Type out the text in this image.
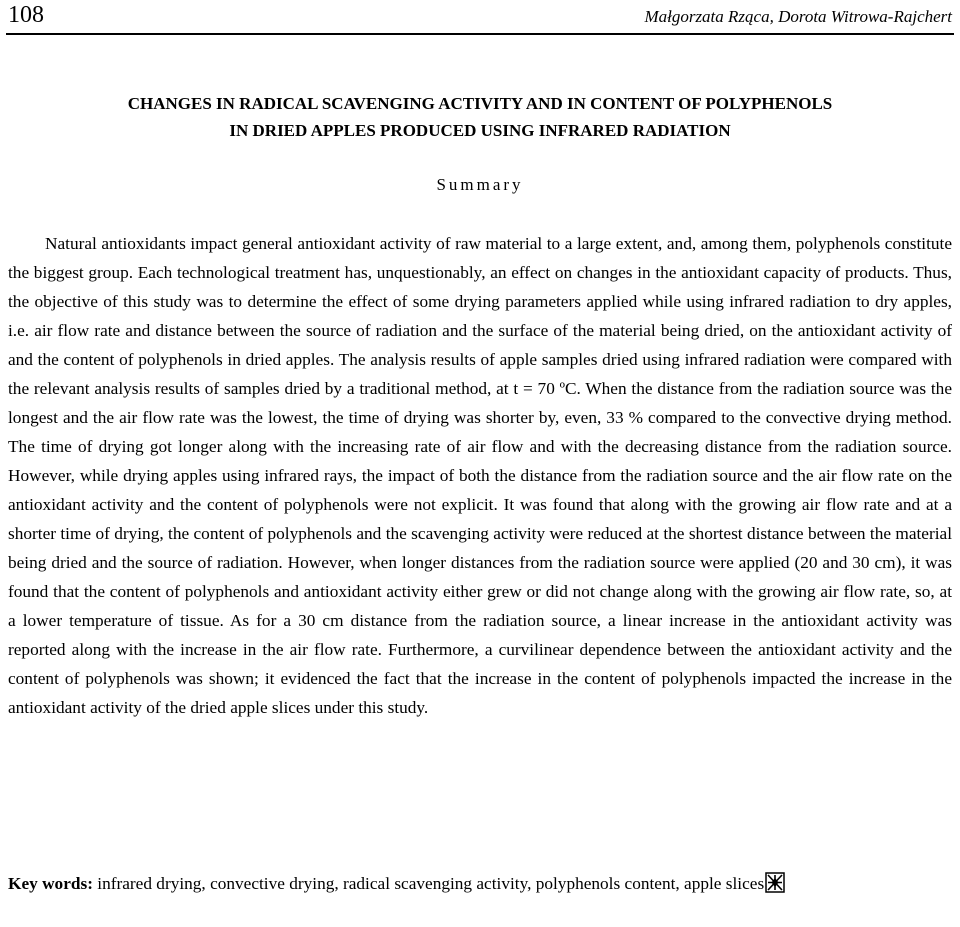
108	Małgorzata Rząca, Dorota Witrowa-Rajchert
CHANGES IN RADICAL SCAVENGING ACTIVITY AND IN CONTENT OF POLYPHENOLS
IN DRIED APPLES PRODUCED USING INFRARED RADIATION
Summary

Natural antioxidants impact general antioxidant activity of raw material to a large extent, and, among them, polyphenols constitute the biggest group. Each technological treatment has, unquestionably, an effect on changes in the antioxidant capacity of products. Thus, the objective of this study was to determine the effect of some drying parameters applied while using infrared radiation to dry apples, i.e. air flow rate and distance between the source of radiation and the surface of the material being dried, on the antioxidant activity of and the content of polyphenols in dried apples. The analysis results of apple samples dried using infrared radiation were compared with the relevant analysis results of samples dried by a traditional method, at t = 70 ºC. When the distance from the radiation source was the longest and the air flow rate was the lowest, the time of drying was shorter by, even, 33 % compared to the convective drying method. The time of drying got longer along with the increasing rate of air flow and with the decreasing distance from the radiation source. However, while drying apples using infrared rays, the impact of both the distance from the radiation source and the air flow rate on the antioxidant activity and the content of polyphenols were not explicit. It was found that along with the growing air flow rate and at a shorter time of drying, the content of polyphenols and the scavenging activity were reduced at the shortest distance between the material being dried and the source of radiation. However, when longer distances from the radiation source were applied (20 and 30 cm), it was found that the content of polyphenols and antioxidant activity either grew or did not change along with the growing air flow rate, so, at a lower temperature of tissue. As for a 30 cm distance from the radiation source, a linear increase in the antioxidant activity was reported along with the increase in the air flow rate. Furthermore, a curvilinear dependence between the antioxidant activity and the content of polyphenols was shown; it evidenced the fact that the increase in the content of polyphenols impacted the increase in the antioxidant activity of the dried apple slices under this study.

Key words: infrared drying, convective drying, radical scavenging activity, polyphenols content, apple slices
